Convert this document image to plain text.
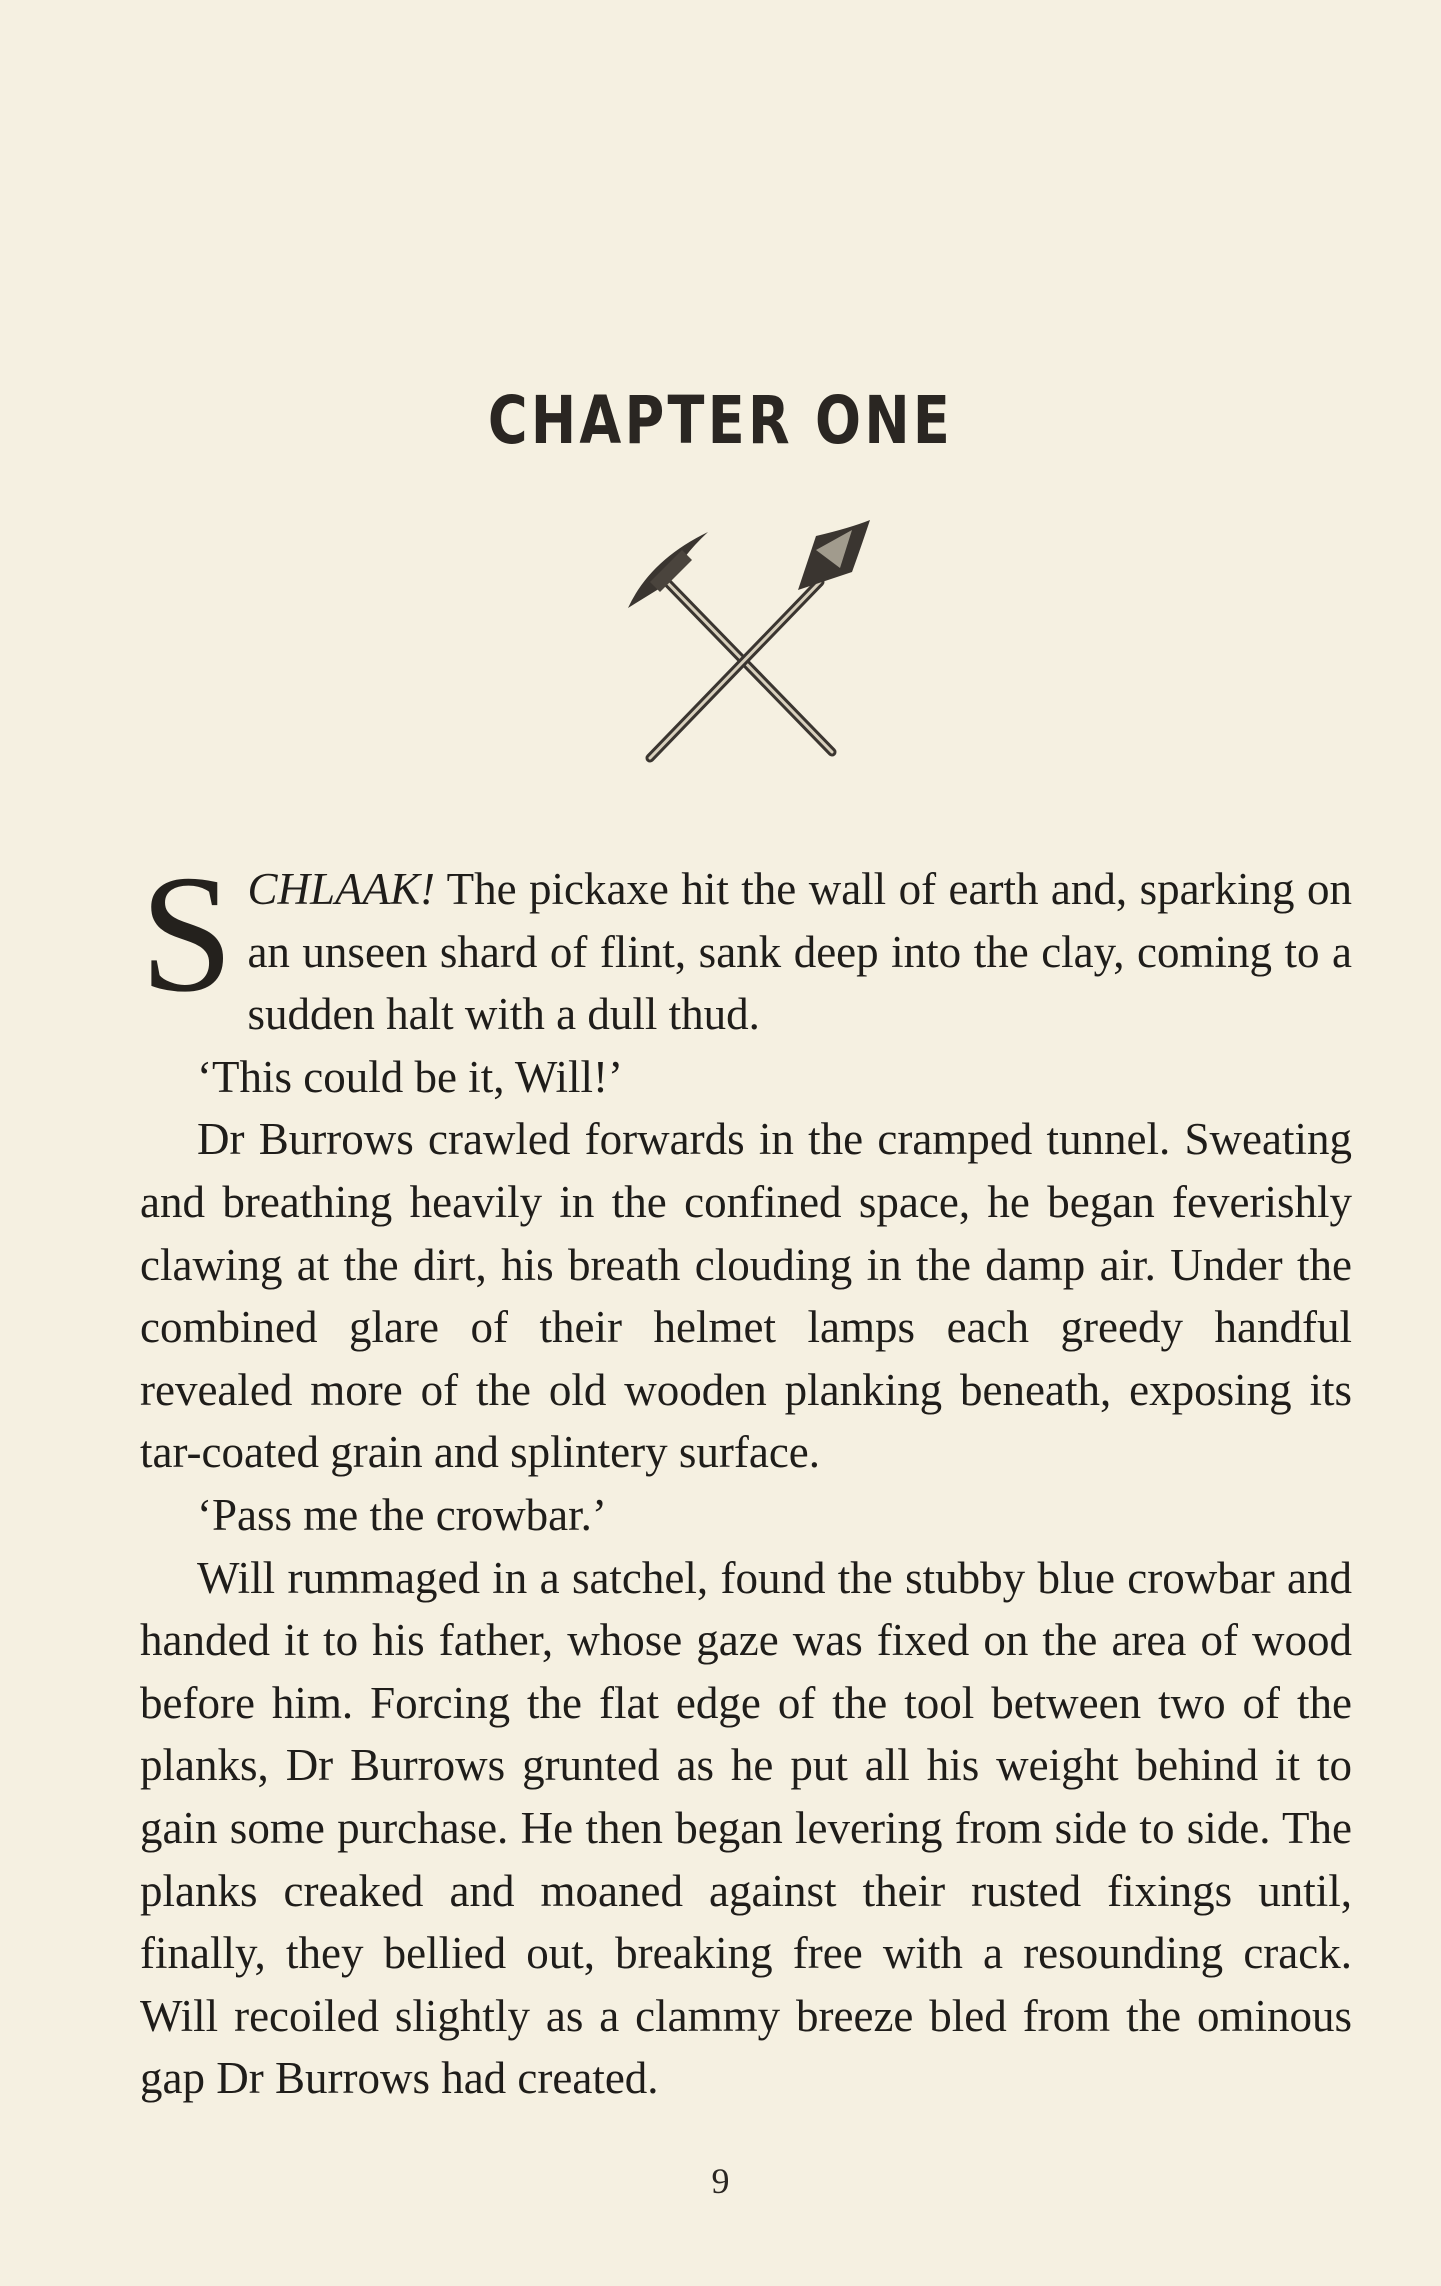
CHAPTER ONE

SCHLAAK! The pickaxe hit the wall of earth and, sparking on an unseen shard of flint, sank deep into the clay, coming to a sudden halt with a dull thud.

‘This could be it, Will!’

Dr Burrows crawled forwards in the cramped tunnel. Sweating and breathing heavily in the confined space, he began feverishly clawing at the dirt, his breath clouding in the damp air. Under the combined glare of their helmet lamps each greedy handful revealed more of the old wooden planking beneath, exposing its tar-coated grain and splintery surface.

‘Pass me the crowbar.’

Will rummaged in a satchel, found the stubby blue crowbar and handed it to his father, whose gaze was fixed on the area of wood before him. Forcing the flat edge of the tool between two of the planks, Dr Burrows grunted as he put all his weight behind it to gain some purchase. He then began levering from side to side. The planks creaked and moaned against their rusted fixings until, finally, they bellied out, breaking free with a resounding crack. Will recoiled slightly as a clammy breeze bled from the ominous gap Dr Burrows had created.

9
